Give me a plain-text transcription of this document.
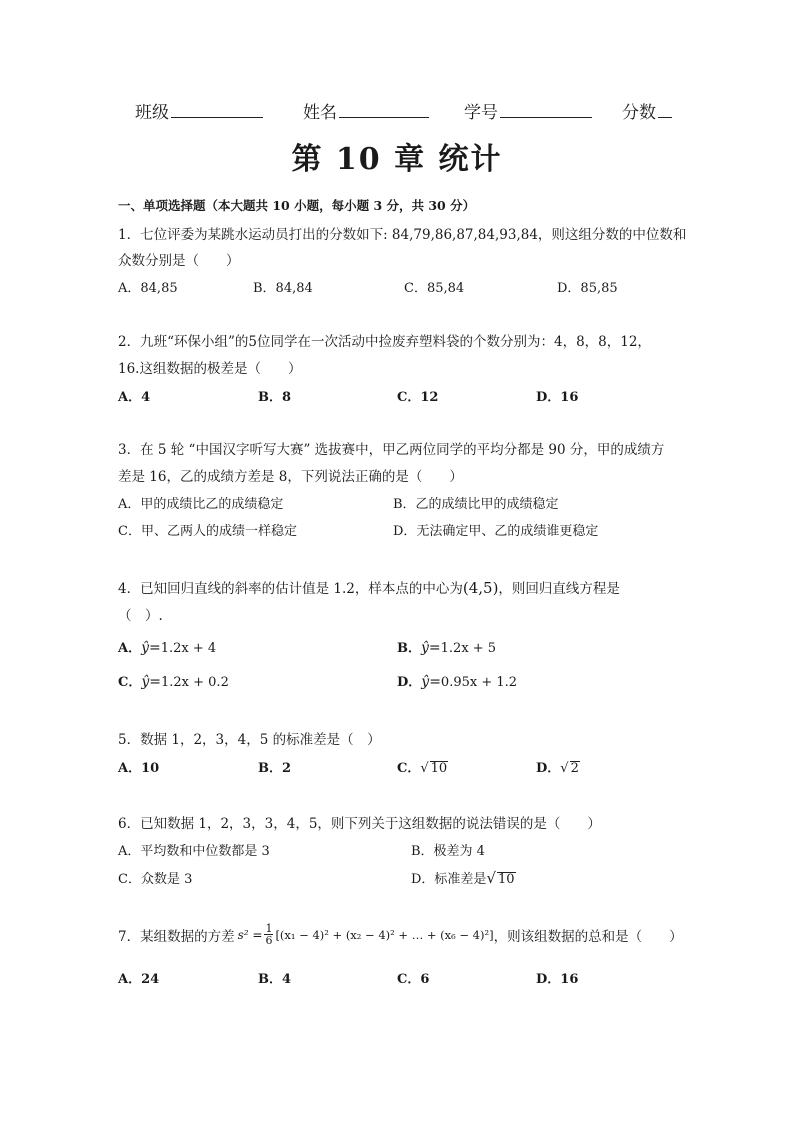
班级	姓名	学号	分数
第 10 章 统计
一、单项选择题（本大题共 10 小题，每小题 3 分，共 30 分）
1．七位评委为某跳水运动员打出的分数如下: 84,79,86,87,84,93,84，则这组分数的中位数和
众数分别是（　　）
A．84,85	B．84,84	C．85,84	D．85,85
2．九班“环保小组”的5位同学在一次活动中捡废弃塑料袋的个数分别为：4，8，8，12，
16.这组数据的极差是（　　）
A．4	B．8	C．12	D．16
3．在 5 轮 “中国汉字听写大赛” 选拔赛中，甲乙两位同学的平均分都是 90 分，甲的成绩方
差是 16，乙的成绩方差是 8，下列说法正确的是（　　）
A．甲的成绩比乙的成绩稳定	B．乙的成绩比甲的成绩稳定
C．甲、乙两人的成绩一样稳定	D．无法确定甲、乙的成绩谁更稳定
4．已知回归直线的斜率的估计值是 1.2，样本点的中心为(4,5)，则回归直线方程是
（　）.
A．ŷ=1.2x + 4	B．ŷ=1.2x + 5
C．ŷ=1.2x + 0.2	D．ŷ=0.95x + 1.2
5．数据 1，2，3，4，5 的标准差是（　）
A．10	B．2	C．√ 10	D．√ 2
6．已知数据 1，2，3，3，4，5，则下列关于这组数据的说法错误的是（　　）
A．平均数和中位数都是 3	B．极差为 4
C．众数是 3	D．标准差是√ 10
7．某组数据的方差 $s^2 = \frac{1}{6} [(x_1 - 4)^2 + (x_2 - 4)^2$ + … + (x₆ − 4)²] ，则该组数据的总和是（　　）
A．24	B．4	C．6	D．16
